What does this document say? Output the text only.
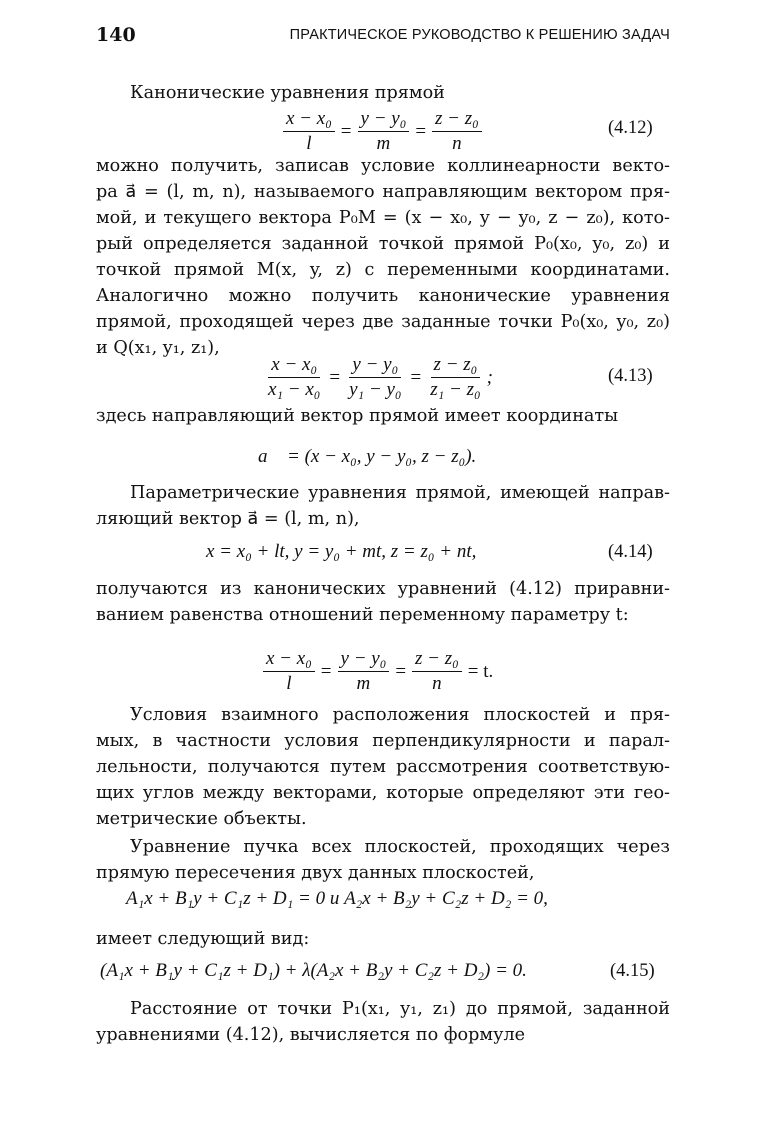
140	ПРАКТИЧЕСКОЕ РУКОВОДСТВО К РЕШЕНИЮ ЗАДАЧ
Канонические уравнения прямой
$\frac{\text{x − x₀}}{l} = \frac{\text{y − y₀}}{m} = \frac{\text{z − z₀}}{n}$	(4.12)
можно получить, записав условие коллинеарности векто-
ра a⃗ = (l, m, n), называемого направляющим вектором пря-
мой, и текущего вектора P₀M = (x − x₀, y − y₀, z − z₀), кото-
рый определяется заданной точкой прямой P₀(x₀, y₀, z₀) и
точкой прямой M(x, y, z) с переменными координатами.
Аналогично можно получить канонические уравнения
прямой, проходящей через две заданные точки P₀(x₀, y₀, z₀)
и Q(x₁, y₁, z₁),
$\frac{\text{x − x₀}}{\text{x₁ − x₀}} = \frac{\text{y − y₀}}{\text{y₁ − y₀}} = \frac{\text{z − z₀}}{\text{z₁ − z₀}}$ ;	(4.13)
здесь направляющий вектор прямой имеет координаты
a⃗ = (x − x₀, y − y₀, z − z₀).
Параметрические уравнения прямой, имеющей направ-
ляющий вектор a⃗ = (l, m, n),
x = x₀ + lt, y = y₀ + mt, z = z₀ + nt,	(4.14)
получаются из канонических уравнений (4.12) приравни-
ванием равенства отношений переменному параметру t:
$\frac{\text{x − x₀}}{l} = \frac{\text{y − y₀}}{m} = \frac{\text{z − z₀}}{n} = t$.
Условия взаимного расположения плоскостей и пря-
мых, в частности условия перпендикулярности и парал-
лельности, получаются путем рассмотрения соответствую-
щих углов между векторами, которые определяют эти гео-
метрические объекты.
Уравнение пучка всех плоскостей, проходящих через
прямую пересечения двух данных плоскостей,
A₁x + B₁y + C₁z + D₁ = 0 и A₂x + B₂y + C₂z + D₂ = 0,
имеет следующий вид:
(A₁x + B₁y + C₁z + D₁) + λ(A₂x + B₂y + C₂z + D₂) = 0.	(4.15)
Расстояние от точки P₁(x₁, y₁, z₁) до прямой, заданной
уравнениями (4.12), вычисляется по формуле
